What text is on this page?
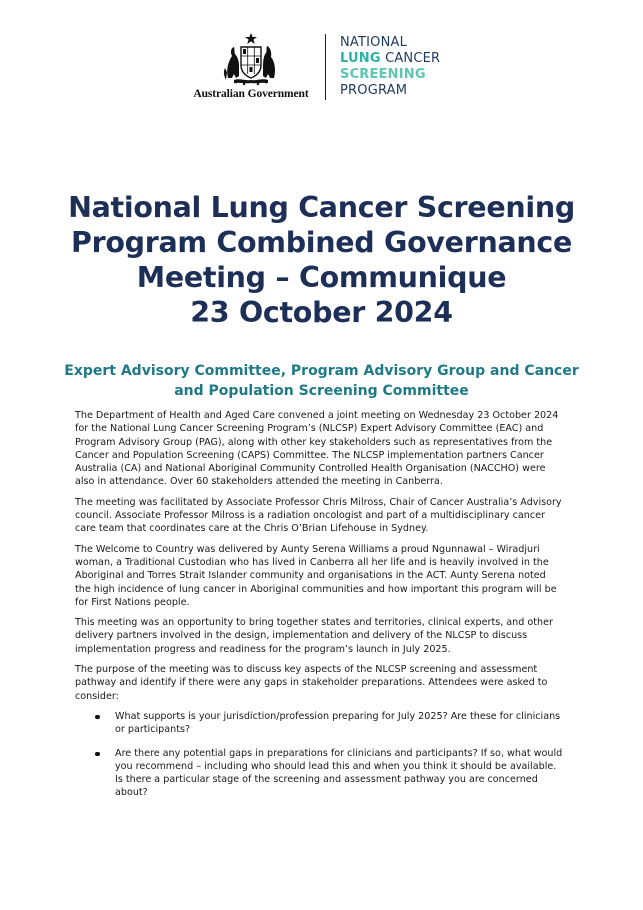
Australian Government
NATIONAL
LUNG CANCER
SCREENING
PROGRAM
National Lung Cancer Screening
Program Combined Governance
Meeting – Communique
23 October 2024
Expert Advisory Committee, Program Advisory Group and Cancer
and Population Screening Committee

The Department of Health and Aged Care convened a joint meeting on Wednesday 23 October 2024
for the National Lung Cancer Screening Program’s (NLCSP) Expert Advisory Committee (EAC) and
Program Advisory Group (PAG), along with other key stakeholders such as representatives from the
Cancer and Population Screening (CAPS) Committee. The NLCSP implementation partners Cancer
Australia (CA) and National Aboriginal Community Controlled Health Organisation (NACCHO) were
also in attendance. Over 60 stakeholders attended the meeting in Canberra.

The meeting was facilitated by Associate Professor Chris Milross, Chair of Cancer Australia’s Advisory
council. Associate Professor Milross is a radiation oncologist and part of a multidisciplinary cancer
care team that coordinates care at the Chris O’Brian Lifehouse in Sydney.

The Welcome to Country was delivered by Aunty Serena Williams a proud Ngunnawal – Wiradjuri
woman, a Traditional Custodian who has lived in Canberra all her life and is heavily involved in the
Aboriginal and Torres Strait Islander community and organisations in the ACT. Aunty Serena noted
the high incidence of lung cancer in Aboriginal communities and how important this program will be
for First Nations people.

This meeting was an opportunity to bring together states and territories, clinical experts, and other
delivery partners involved in the design, implementation and delivery of the NLCSP to discuss
implementation progress and readiness for the program’s launch in July 2025.

The purpose of the meeting was to discuss key aspects of the NLCSP screening and assessment
pathway and identify if there were any gaps in stakeholder preparations. Attendees were asked to
consider:

What supports is your jurisdiction/profession preparing for July 2025? Are these for clinicians
or participants?
Are there any potential gaps in preparations for clinicians and participants? If so, what would
you recommend – including who should lead this and when you think it should be available.
Is there a particular stage of the screening and assessment pathway you are concerned
about?
